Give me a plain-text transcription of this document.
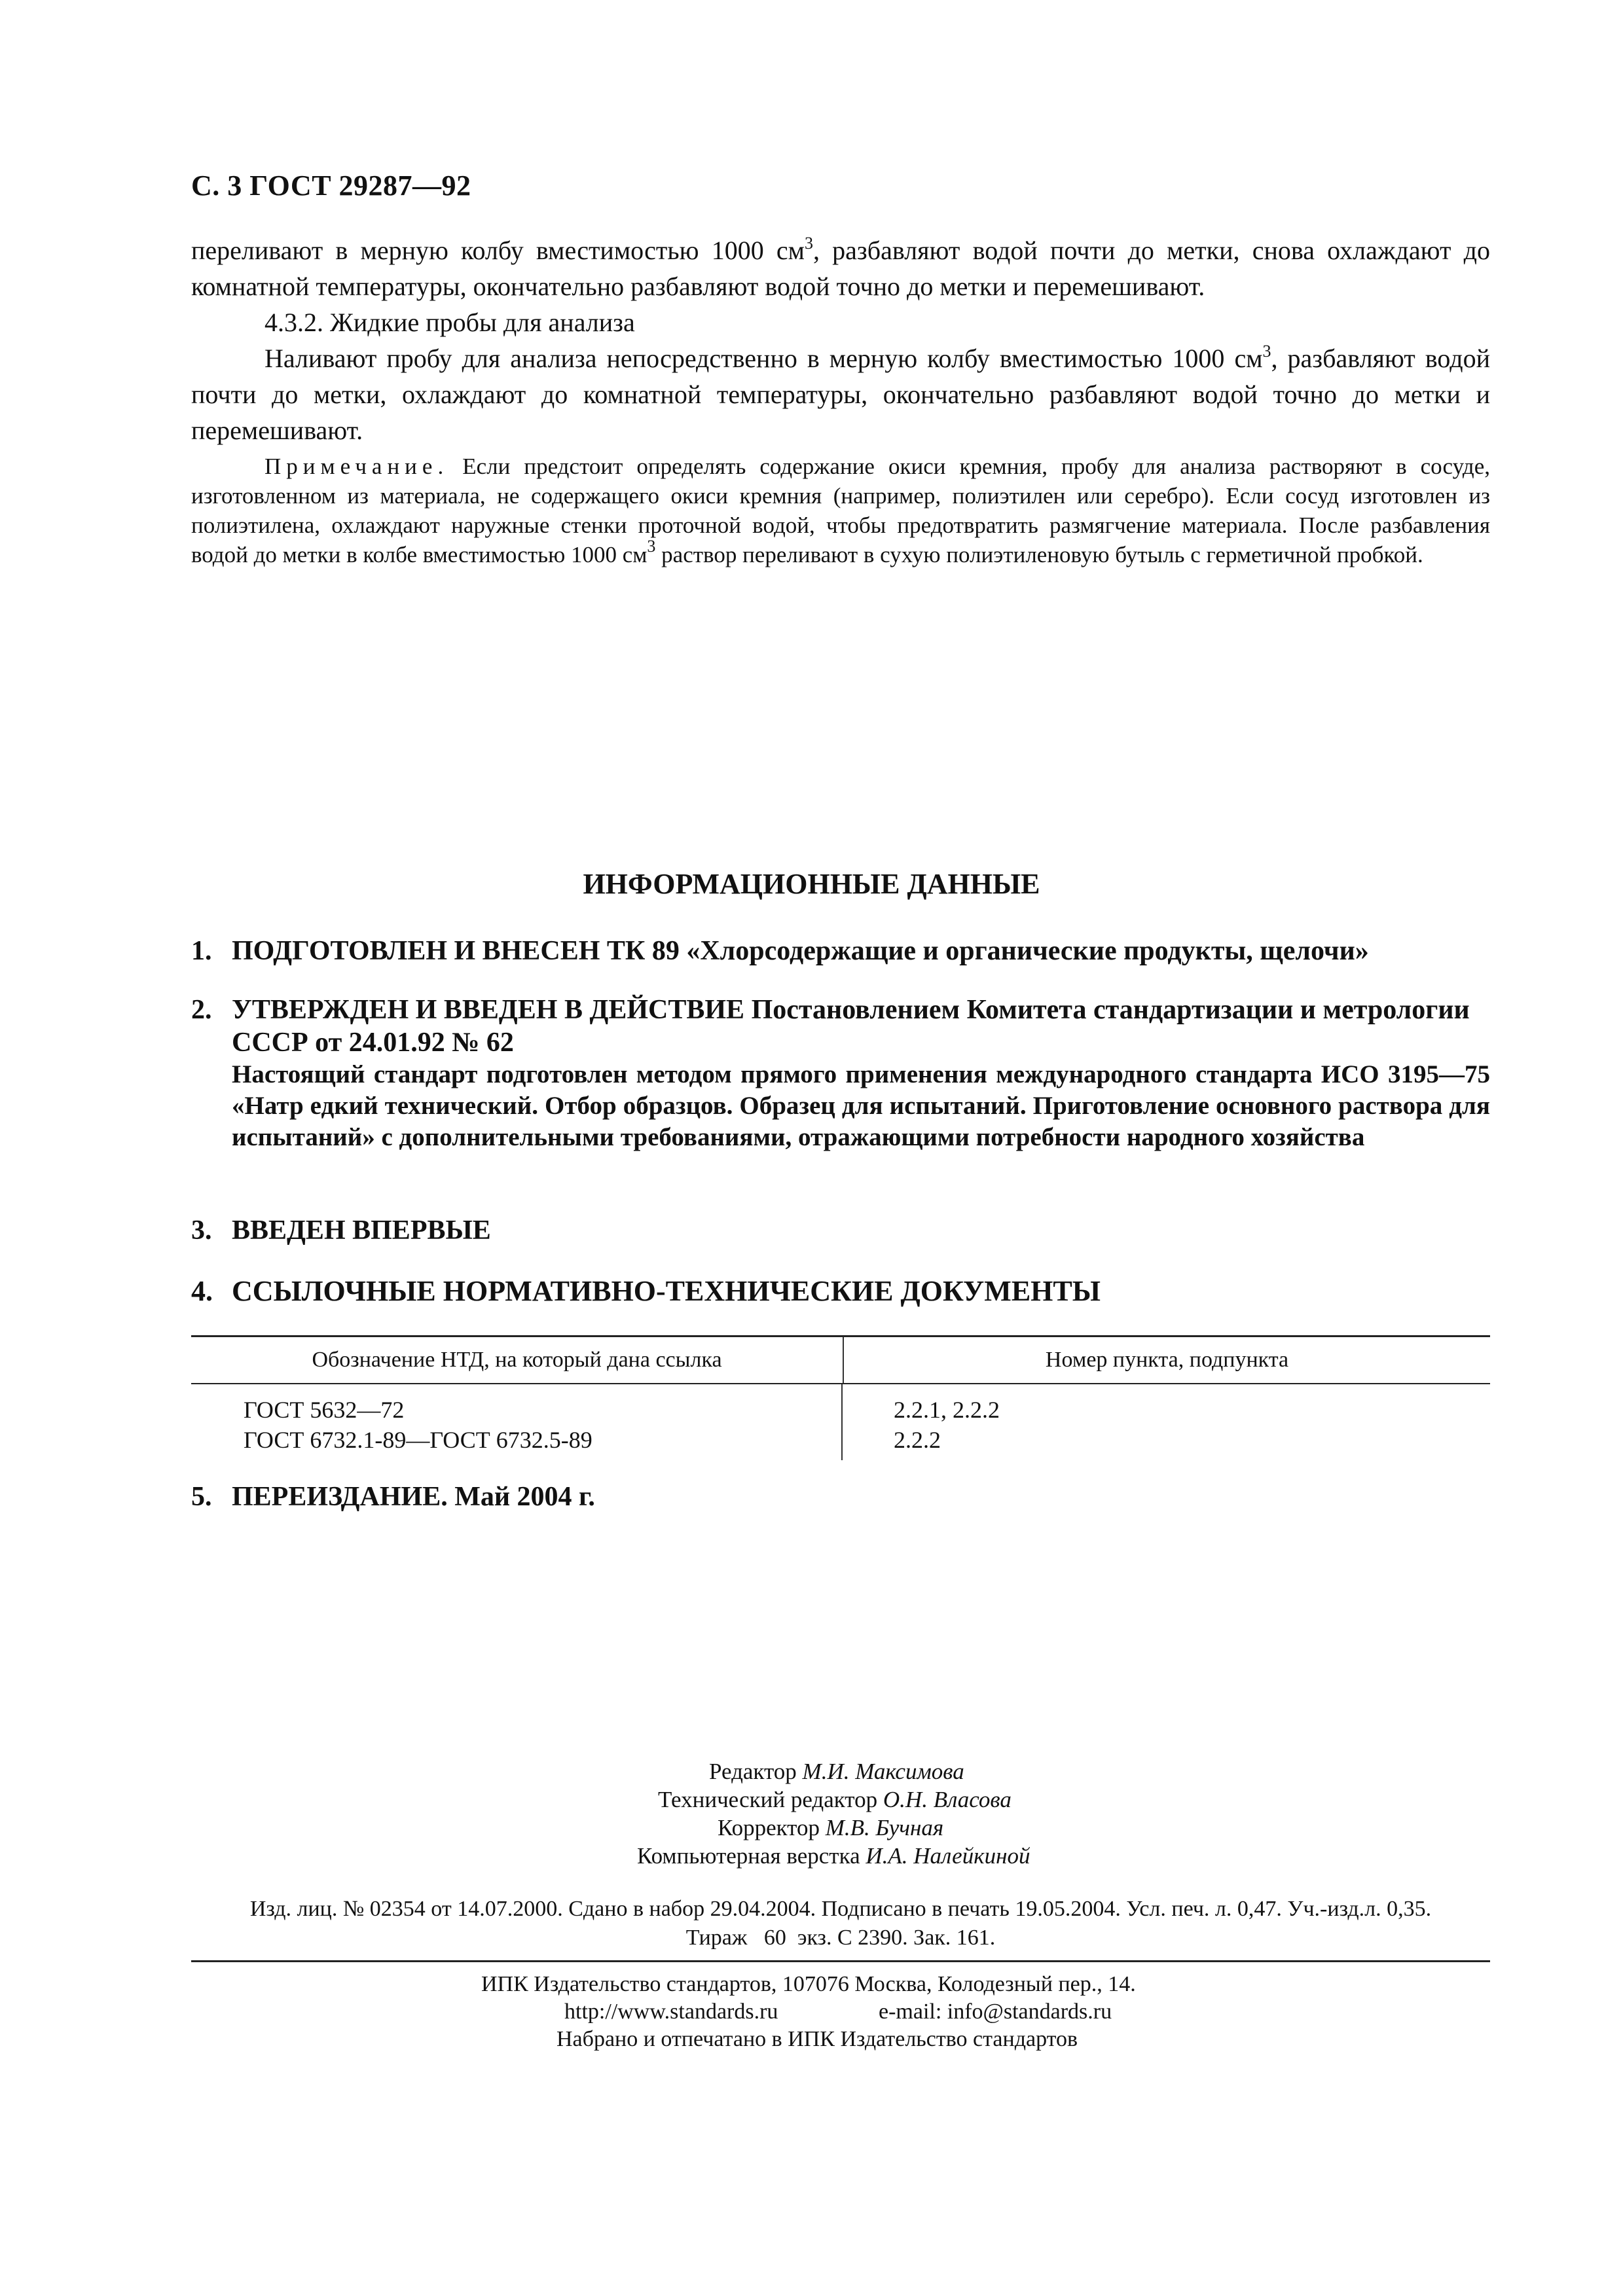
С. 3 ГОСТ 29287—92

переливают в мерную колбу вместимостью 1000 $см^3$, разбавляют водой почти до метки, снова охлаждают до комнатной температуры, окончательно разбавляют водой точно до метки и перемешивают.

4.3.2. Жидкие пробы для анализа

Наливают пробу для анализа непосредственно в мерную колбу вместимостью 1000 $см^3$, разбавляют водой почти до метки, охлаждают до комнатной температуры, окончательно разбавляют водой точно до метки и перемешивают.

Примечание. Если предстоит определять содержание окиси кремния, пробу для анализа растворяют в сосуде, изготовленном из материала, не содержащего окиси кремния (например, полиэтилен или серебро). Если сосуд изготовлен из полиэтилена, охлаждают наружные стенки проточной водой, чтобы предотвратить размягчение материала. После разбавления водой до метки в колбе вместимостью 1000 $см^3$ раствор переливают в сухую полиэтиленовую бутыль с герметичной пробкой.

ИНФОРМАЦИОННЫЕ ДАННЫЕ
1. ПОДГОТОВЛЕН И ВНЕСЕН ТК 89 «Хлорсодержащие и органические продукты, щелочи»
2. УТВЕРЖДЕН И ВВЕДЕН В ДЕЙСТВИЕ Постановлением Комитета стандартизации и метрологии СССР от 24.01.92 № 62
Настоящий стандарт подготовлен методом прямого применения международного стандарта ИСО 3195—75 «Натр едкий технический. Отбор образцов. Образец для испытаний. Приготовление основного раствора для испытаний» с дополнительными требованиями, отражающими потребности народного хозяйства
3. ВВЕДЕН ВПЕРВЫЕ
4. ССЫЛОЧНЫЕ НОРМАТИВНО-ТЕХНИЧЕСКИЕ ДОКУМЕНТЫ
Обозначение НТД, на который дана ссылка	Номер пункта, подпункта
ГОСТ 5632—72
ГОСТ 6732.1-89—ГОСТ 6732.5-89
2.2.1, 2.2.2
2.2.2
5. ПЕРЕИЗДАНИЕ. Май 2004 г.
Редактор М.И. Максимова
Технический редактор О.Н. Власова
Корректор М.В. Бучная
Компьютерная верстка И.А. Налейкиной

Изд. лиц. № 02354 от 14.07.2000. Сдано в набор 29.04.2004. Подписано в печать 19.05.2004. Усл. печ. л. 0,47. Уч.-изд.л. 0,35.

Тираж   60  экз. С 2390. Зак. 161.

ИПК Издательство стандартов, 107076 Москва, Колодезный пер., 14.
http://www.standards.ru	e-mail: info@standards.ru
Набрано и отпечатано в ИПК Издательство стандартов
